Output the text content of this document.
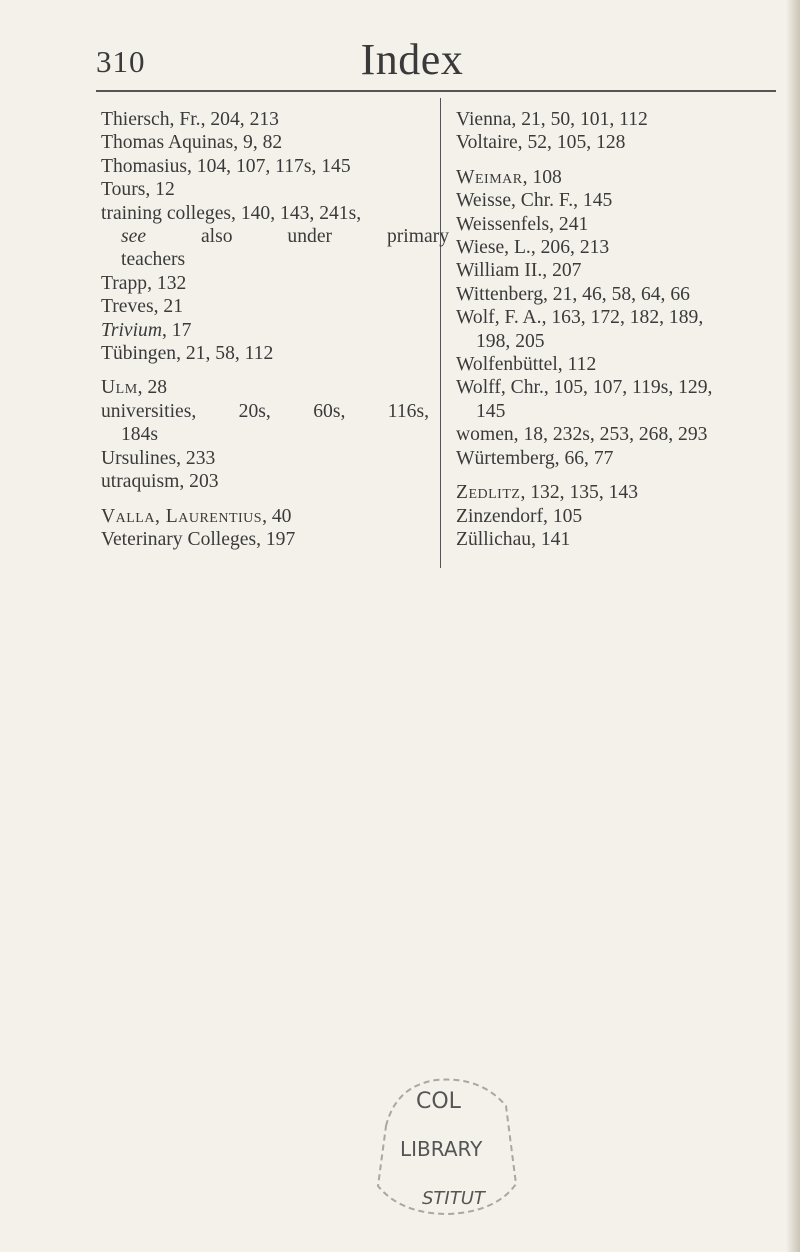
310	Index
Thiersch, Fr., 204, 213
Thomas Aquinas, 9, 82
Thomasius, 104, 107, 117s, 145
Tours, 12
training colleges, 140, 143, 241s,
see also under primary
teachers
Trapp, 132
Treves, 21
Trivium, 17
Tübingen, 21, 58, 112
Ulm, 28
universities, 20s, 60s, 116s,
184s
Ursulines, 233
utraquism, 203
Valla, Laurentius, 40
Veterinary Colleges, 197
Vienna, 21, 50, 101, 112
Voltaire, 52, 105, 128
Weimar, 108
Weisse, Chr. F., 145
Weissenfels, 241
Wiese, L., 206, 213
William II., 207
Wittenberg, 21, 46, 58, 64, 66
Wolf, F. A., 163, 172, 182, 189,
198, 205
Wolfenbüttel, 112
Wolff, Chr., 105, 107, 119s, 129,
145
women, 18, 232s, 253, 268, 293
Würtemberg, 66, 77
Zedlitz, 132, 135, 143
Zinzendorf, 105
Züllichau, 141
COL
LIBRARY
STITUT
